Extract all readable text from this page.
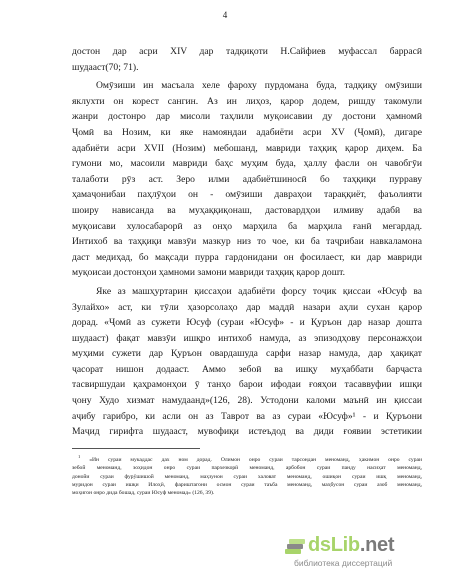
4
достон дар асри XIV дар тадқиқоти Н.Сайфиев муфассал баррасӣ
шудааст(70; 71).
Омӯзиши ин масъала хеле фароху пурдомана буда, тадқиқу омӯзиши
яклухти он корест сангин. Аз ин лиҳоз, қарор додем, ришду такомули
жанри достонро дар мисоли таҳлили муқоисавии ду достони ҳамномӣ
Ҷомӣ ва Нозим, ки яке намояндаи адабиёти асри XV (Ҷомӣ), дигаре
адабиёти асри XVII (Нозим) мебошанд, мавриди таҳқиқ қарор диҳем. Ба
гумони мо, масоили мавриди баҳс муҳим буда, ҳаллу фасли он чавобгӯи
талаботи рӯз аст. Зеро илми адабиётшиносӣ бо таҳқиқи пурраву
ҳамаҷонибаи паҳлӯҳои он - омӯзиши давраҳои тараққиёт, фаъолияти
шоиру нависанда ва муҳаққиқонаш, дастовардҳои илмиву адабӣ ва
муқоисави хулосабарорӣ аз онҳо марҳила ба марҳила ғанӣ мегардад.
Интихоб ва таҳқиқи мавзӯи мазкур низ то чое, ки ба таҷрибаи навкаламона
даст медиҳад, бо мақсади пурра гардонидани он фосилаест, ки дар мавриди
муқоисаи достонҳои ҳамноми замони мавриди таҳқиқ қарор дошт.
Яке аз машҳуртарин қиссаҳои адабиёти форсу тоҷик қиссаи «Юсуф ва
Зулайхо» аст, ки тӯли ҳазорсолаҳо дар маддӣ назари аҳли сухан қарор
дорад. «Ҷомӣ аз сужети Юсуф (сураи «Юсуф» - и Қуръон дар назар дошта
шудааст) фақат мавзӯи ишқро интихоб намуда, аз эпизодҳову персонажҳои
муҳими сужети дар Қуръон овардашуда сарфи назар намуда, дар ҳақиқат
ҷасорат нишон додааст. Аммо зебоӣ ва ишқу муҳаббати барҷаста
тасвиршудаи қаҳрамонҳои ӯ танҳо барои ифодаи ғояҳои тасаввуфии ишқи
ҷону Худо хизмат намудаанд»(126, 28). Устодони каломи маънӣ ин қиссаи
аҷибу гарибро, ки асли он аз Таврот ва аз сураи «Юсуф»¹ - и Қуръони
Маҷид гирифта шудааст, мувофиқи истеъдод ва диди ғоявии эстетикии
$^1$ «Ин сураи мукаддас дах ном дорад. Олимон онро сураи тарсондан меноманд, ҳакимон онро сураи
зебой меноманд, зоҳидон онро сураи пархезкорӣ меноманд, арбобон сураи панду насиҳат меноманд,
донойи сураи фурӯшишой меноманд, маҳзунон сураи халоват меноманд, ошиқон сураи ишқ меноманд,
муридон сураи ишқи Илоҳӣ, фариштагони осмон сураи таъба меноманд, маҳбусон сураи азоб меноманд,
моҳигон онро дида бошад, сураи Юсуф меномад» (126, 39).
dsLib.net
библиотека диссертаций
